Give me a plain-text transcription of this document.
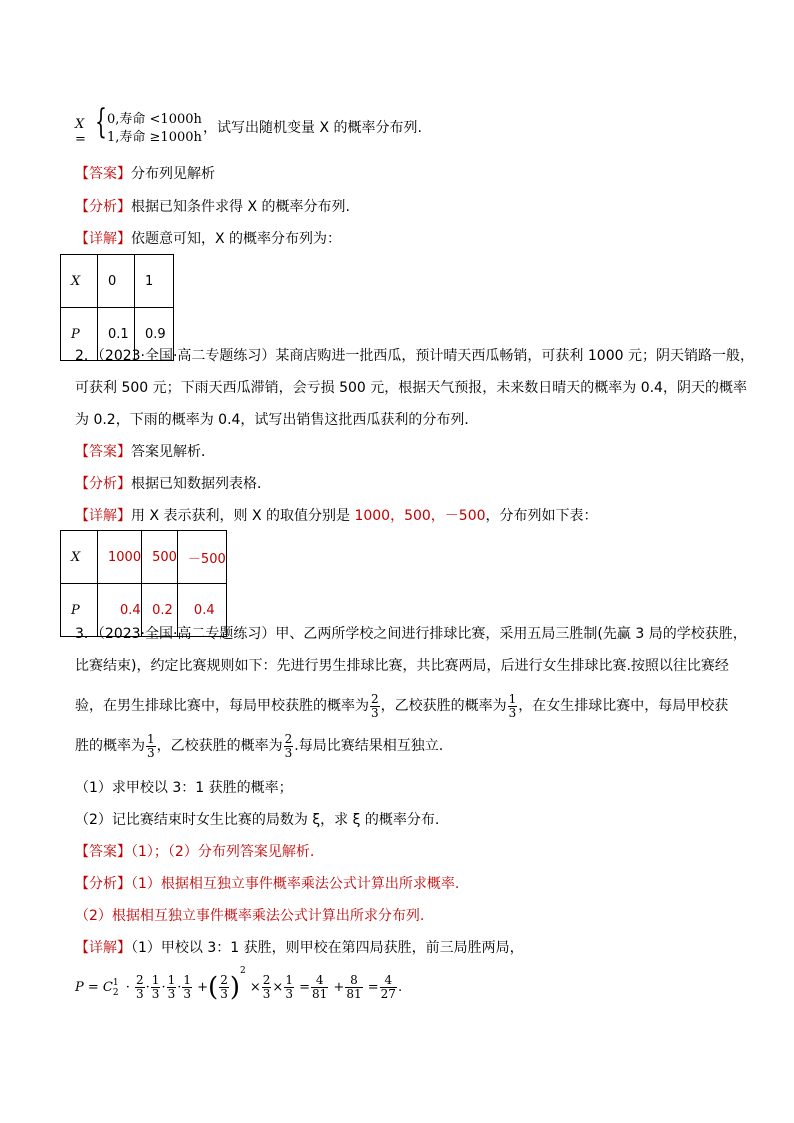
X = { 0,寿命 <1000h
1,寿命 ≥1000h
，试写出随机变量 X 的概率分布列.
【答案】分布列见解析
【分析】根据已知条件求得 X 的概率分布列.
【详解】依题意可知，X 的概率分布列为：
X	0	1
P	0.1	0.9
2．（2023·全国·高二专题练习）某商店购进一批西瓜，预计晴天西瓜畅销，可获利 1000 元；阴天销路一般，
可获利 500 元；下雨天西瓜滞销，会亏损 500 元，根据天气预报，未来数日晴天的概率为 0.4，阴天的概率
为 0.2，下雨的概率为 0.4，试写出销售这批西瓜获利的分布列．
【答案】答案见解析．
【分析】根据已知数据列表格．
【详解】用 X 表示获利，则 X 的取值分别是 1000，500，－500，分布列如下表：
X	1000	500	－500
P	0.4	0.2	0.4
3．（2023·全国·高二专题练习）甲、乙两所学校之间进行排球比赛，采用五局三胜制(先赢 3 局的学校获胜，
比赛结束)，约定比赛规则如下：先进行男生排球比赛，共比赛两局，后进行女生排球比赛.按照以往比赛经
验，在男生排球比赛中，每局甲校获胜的概率为 $\frac{2}{3}$ ，乙校获胜的概率为 $\frac{1}{3}$ ，在女生排球比赛中，每局甲校获
胜的概率为 $\frac{1}{3}$ ，乙校获胜的概率为 $\frac{2}{3}$ .每局比赛结果相互独立.
（1）求甲校以 3：1 获胜的概率；
（2）记比赛结束时女生比赛的局数为 ξ，求 ξ 的概率分布.
【答案】（1）；（2）分布列答案见解析.
【分析】（1）根据相互独立事件概率乘法公式计算出所求概率.
（2）根据相互独立事件概率乘法公式计算出所求分布列.
【详解】（1）甲校以 3：1 获胜，则甲校在第四局获胜，前三局胜两局，
P = C 1
$2 \cdot \frac{2}{3} \cdot \frac{1}{3} \cdot \frac{1}{3} \cdot \frac{1}{3}$ +( $\frac{2}{3} )^2 \times \frac{2}{3} \times \frac{1}{3} = \frac{4}{81} + \frac{8}{81} = \frac{4}{27}$ .
